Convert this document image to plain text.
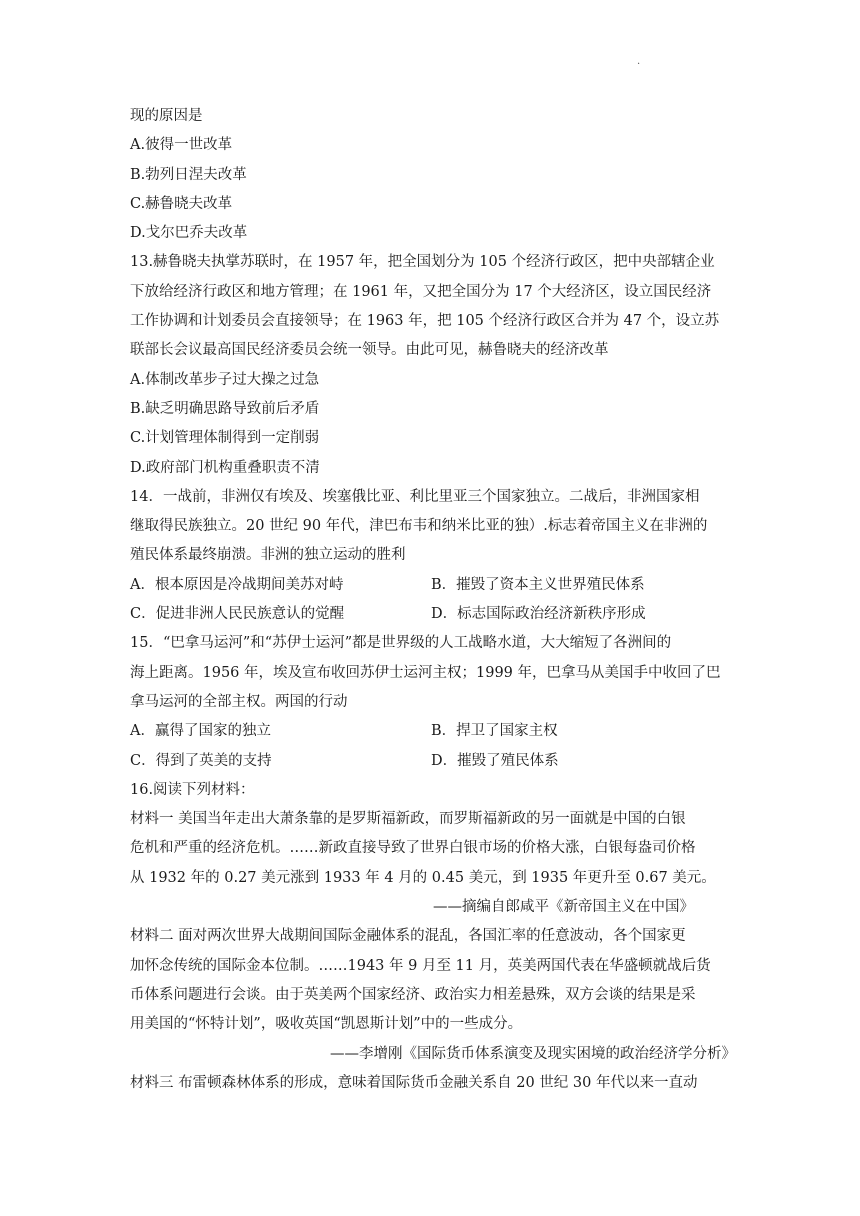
.
现的原因是
A.彼得一世改革
B.勃列日涅夫改革
C.赫鲁晓夫改革
D.戈尔巴乔夫改革
13.赫鲁晓夫执掌苏联时，在 1957 年，把全国划分为 105 个经济行政区，把中央部辖企业
下放给经济行政区和地方管理；在 1961 年，又把全国分为 17 个大经济区，设立国民经济
工作协调和计划委员会直接领导；在 1963 年，把 105 个经济行政区合并为 47 个，设立苏
联部长会议最高国民经济委员会统一领导。由此可见，赫鲁晓夫的经济改革
A.体制改革步子过大操之过急
B.缺乏明确思路导致前后矛盾
C.计划管理体制得到一定削弱
D.政府部门机构重叠职责不清
14．一战前，非洲仅有埃及、埃塞俄比亚、利比里亚三个国家独立。二战后，非洲国家相
继取得民族独立。20 世纪 90 年代，津巴布韦和纳米比亚的独）.标志着帝国主义在非洲的
殖民体系最终崩溃。非洲的独立运动的胜利
A．根本原因是冷战期间美苏对峙	B．摧毁了资本主义世界殖民体系
C．促进非洲人民民族意认的觉醒	D．标志国际政治经济新秩序形成
15．“巴拿马运河”和“苏伊士运河”都是世界级的人工战略水道，大大缩短了各洲间的
海上距离。1956 年，埃及宣布收回苏伊士运河主权；1999 年，巴拿马从美国手中收回了巴
拿马运河的全部主权。两国的行动
A．赢得了国家的独立	B．捍卫了国家主权
C．得到了英美的支持	D．摧毁了殖民体系
16.阅读下列材料：
材料一 美国当年走出大萧条靠的是罗斯福新政，而罗斯福新政的另一面就是中国的白银
危机和严重的经济危机。……新政直接导致了世界白银市场的价格大涨，白银每盎司价格
从 1932 年的 0.27 美元涨到 1933 年 4 月的 0.45 美元，到 1935 年更升至 0.67 美元。
——摘编自郎咸平《新帝国主义在中国》
材料二 面对两次世界大战期间国际金融体系的混乱，各国汇率的任意波动，各个国家更
加怀念传统的国际金本位制。……1943 年 9 月至 11 月，英美两国代表在华盛顿就战后货
币体系问题进行会谈。由于英美两个国家经济、政治实力相差悬殊，双方会谈的结果是采
用美国的“怀特计划”，吸收英国“凯恩斯计划”中的一些成分。
——李增刚《国际货币体系演变及现实困境的政治经济学分析》
材料三 布雷顿森林体系的形成，意味着国际货币金融关系自 20 世纪 30 年代以来一直动
